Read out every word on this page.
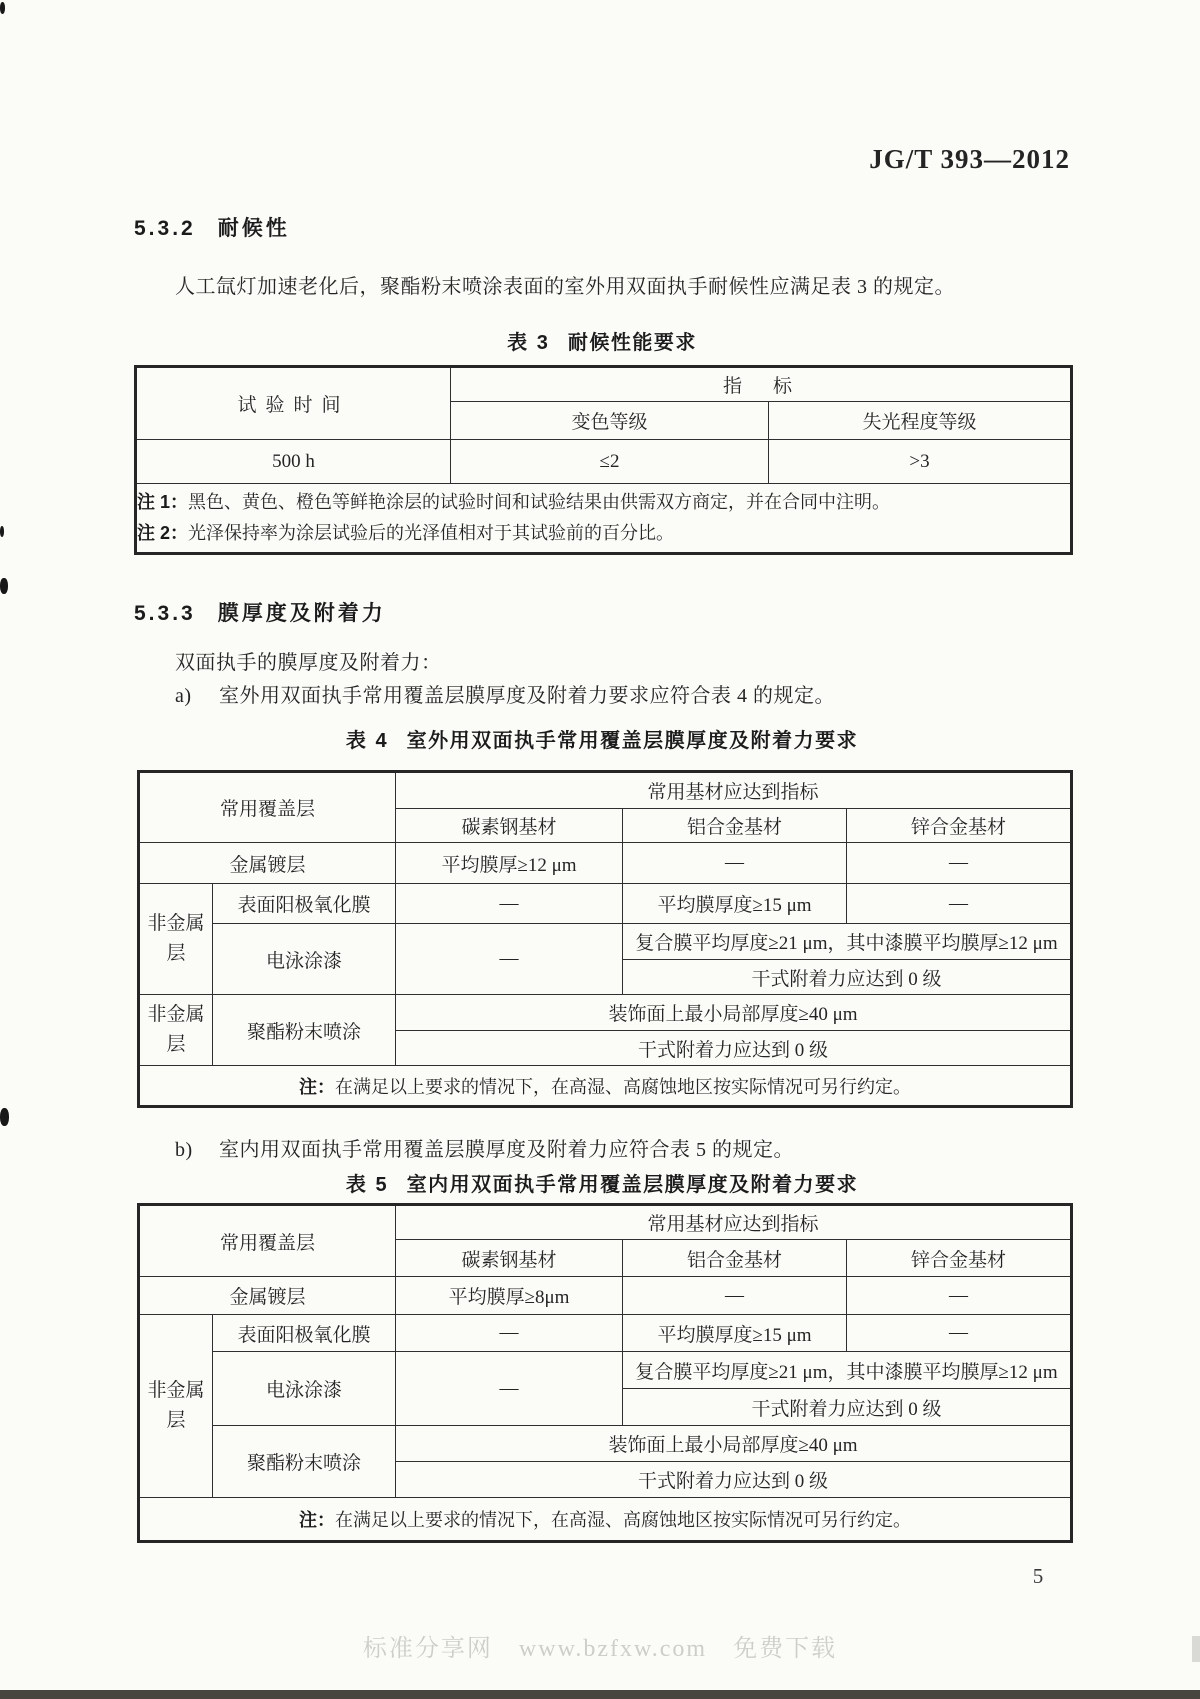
JG/T 393—2012
5.3.2 耐候性
人工氙灯加速老化后，聚酯粉末喷涂表面的室外用双面执手耐候性应满足表 3 的规定。
表 3 耐候性能要求
试验时间	指　标	
	变色等级	失光程度等级
500 h	≤2	>3

注 1：黑色、黄色、橙色等鲜艳涂层的试验时间和试验结果由供需双方商定，并在合同中注明。
注 2：光泽保持率为涂层试验后的光泽值相对于其试验前的百分比。		
5.3.3 膜厚度及附着力
双面执手的膜厚度及附着力：
a) 室外用双面执手常用覆盖层膜厚度及附着力要求应符合表 4 的规定。
表 4 室外用双面执手常用覆盖层膜厚度及附着力要求
常用覆盖层		常用基材应达到指标		
		碳素钢基材	铝合金基材	锌合金基材
金属镀层		平均膜厚≥12 μm	—	—
非金属层	表面阳极氧化膜	—	平均膜厚度≥15 μm	—
	电泳涂漆	—	复合膜平均厚度≥21 μm，其中漆膜平均膜厚≥12 μm	
			干式附着力应达到 0 级	
非金属层	聚酯粉末喷涂	装饰面上最小局部厚度≥40 μm		
		干式附着力应达到 0 级		
注：在满足以上要求的情况下，在高湿、高腐蚀地区按实际情况可另行约定。				
b) 室内用双面执手常用覆盖层膜厚度及附着力应符合表 5 的规定。
表 5 室内用双面执手常用覆盖层膜厚度及附着力要求
常用覆盖层		常用基材应达到指标		
		碳素钢基材	铝合金基材	锌合金基材
金属镀层		平均膜厚≥8μm	—	—
非金属层	表面阳极氧化膜	—	平均膜厚度≥15 μm	—
	电泳涂漆	—	复合膜平均厚度≥21 μm，其中漆膜平均膜厚≥12 μm	
			干式附着力应达到 0 级	
	聚酯粉末喷涂	装饰面上最小局部厚度≥40 μm		
		干式附着力应达到 0 级		
注：在满足以上要求的情况下，在高湿、高腐蚀地区按实际情况可另行约定。				
5
标准分享网　www.bzfxw.com　免费下载
